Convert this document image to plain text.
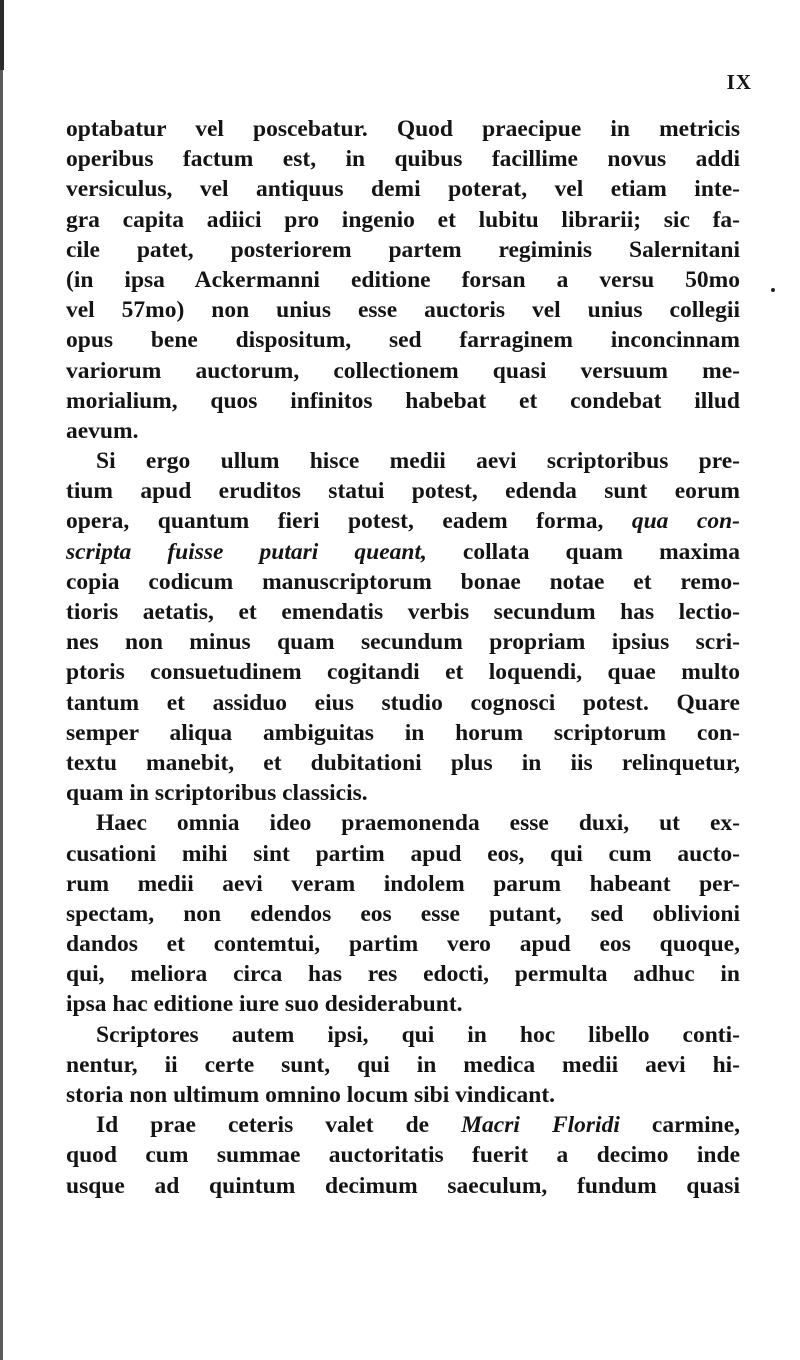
IX
optabatur vel poscebatur. Quod praecipue in metricis
operibus factum est, in quibus facillime novus addi
versiculus, vel antiquus demi poterat, vel etiam inte-
gra capita adiici pro ingenio et lubitu librarii; sic fa-
cile patet, posteriorem partem regiminis Salernitani
(in ipsa Ackermanni editione forsan a versu 50mo
vel 57mo) non unius esse auctoris vel unius collegii
opus bene dispositum, sed farraginem inconcinnam
variorum auctorum, collectionem quasi versuum me-
morialium, quos infinitos habebat et condebat illud
aevum.
Si ergo ullum hisce medii aevi scriptoribus pre-
tium apud eruditos statui potest, edenda sunt eorum
opera, quantum fieri potest, eadem forma, qua con-
scripta fuisse putari queant, collata quam maxima
copia codicum manuscriptorum bonae notae et remo-
tioris aetatis, et emendatis verbis secundum has lectio-
nes non minus quam secundum propriam ipsius scri-
ptoris consuetudinem cogitandi et loquendi, quae multo
tantum et assiduo eius studio cognosci potest. Quare
semper aliqua ambiguitas in horum scriptorum con-
textu manebit, et dubitationi plus in iis relinquetur,
quam in scriptoribus classicis.
Haec omnia ideo praemonenda esse duxi, ut ex-
cusationi mihi sint partim apud eos, qui cum aucto-
rum medii aevi veram indolem parum habeant per-
spectam, non edendos eos esse putant, sed oblivioni
dandos et contemtui, partim vero apud eos quoque,
qui, meliora circa has res edocti, permulta adhuc in
ipsa hac editione iure suo desiderabunt.
Scriptores autem ipsi, qui in hoc libello conti-
nentur, ii certe sunt, qui in medica medii aevi hi-
storia non ultimum omnino locum sibi vindicant.
Id prae ceteris valet de Macri Floridi carmine,
quod cum summae auctoritatis fuerit a decimo inde
usque ad quintum decimum saeculum, fundum quasi
